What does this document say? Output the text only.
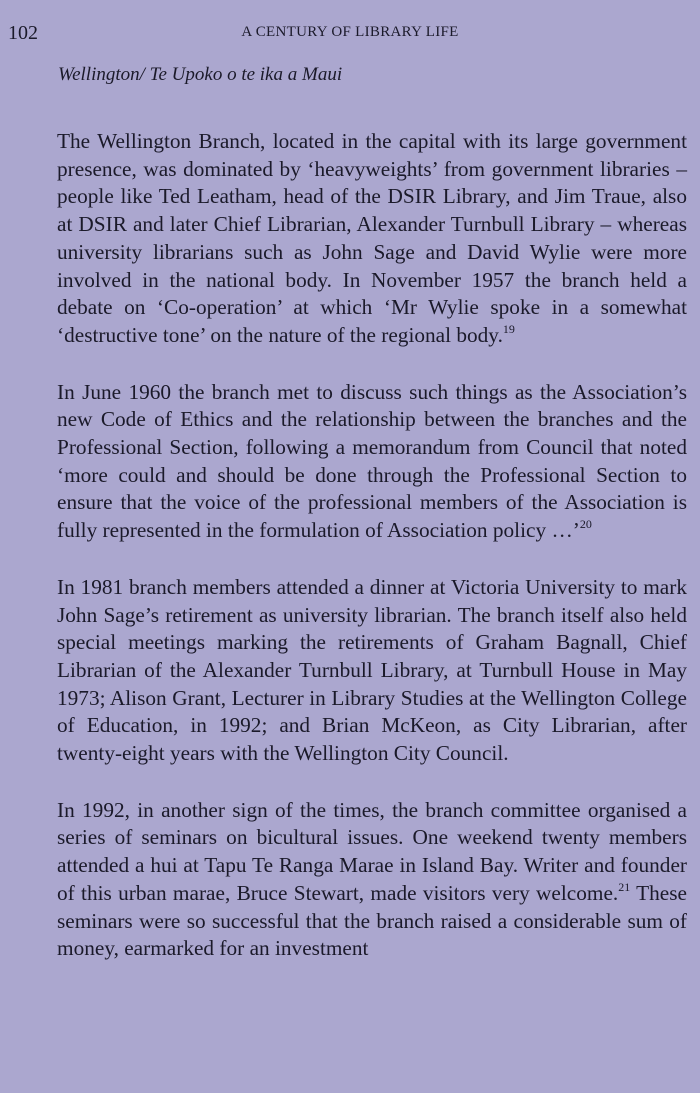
102	A CENTURY OF LIBRARY LIFE
Wellington/ Te Upoko o te ika a Maui

The Wellington Branch, located in the capital with its large government presence, was dominated by ‘heavyweights’ from government libraries – people like Ted Leatham, head of the DSIR Library, and Jim Traue, also at DSIR and later Chief Librarian, Alexander Turnbull Library – whereas university librarians such as John Sage and David Wylie were more involved in the national body. In November 1957 the branch held a debate on ‘Co-operation’ at which ‘Mr Wylie spoke in a somewhat ‘destructive tone’ on the nature of the regional body.$^{19}$

In June 1960 the branch met to discuss such things as the Association’s new Code of Ethics and the relationship between the branches and the Professional Section, following a memorandum from Council that noted ‘more could and should be done through the Professional Section to ensure that the voice of the professional members of the Association is fully represented in the formulation of Association policy …’$^{20}$

In 1981 branch members attended a dinner at Victoria University to mark John Sage’s retirement as university librarian. The branch itself also held special meetings marking the retirements of Graham Bagnall, Chief Librarian of the Alexander Turnbull Library, at Turnbull House in May 1973; Alison Grant, Lecturer in Library Studies at the Wellington College of Education, in 1992; and Brian McKeon, as City Librarian, after twenty-eight years with the Wellington City Council.

In 1992, in another sign of the times, the branch committee organised a series of seminars on bicultural issues. One weekend twenty members attended a hui at Tapu Te Ranga Marae in Island Bay. Writer and founder of this urban marae, Bruce Stewart, made visitors very welcome.$^{21}$ These seminars were so successful that the branch raised a considerable sum of money, earmarked for an investment
